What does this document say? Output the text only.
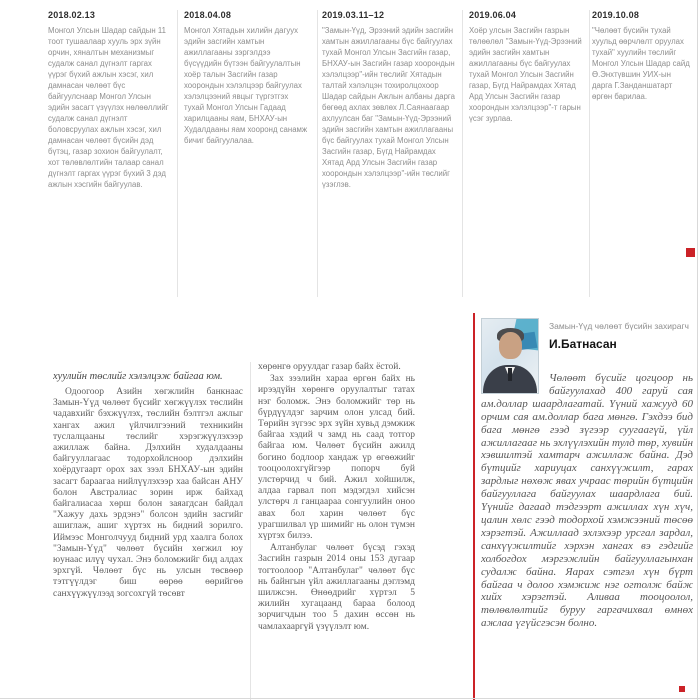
2018.02.13
Монгол Улсын Шадар сайдын 11 тоот тушаалаар хууль эрх зүйн орчин, хяналтын механизмыг судалж санал дүгнэлт гаргах үүрэг бүхий ажлын хэсэг, хил дамнасан чөлөөт бүс байгуулснаар Монгол Улсын эдийн засагт үзүүлэх нөлөөллийг судалж санал дүгнэлт боловсруулах ажлын хэсэг, хил дамнасан чөлөөт бүсийн дэд бүтэц, газар зохион байгуулалт, хот төлөвлөлтийн талаар санал дүгнэлт гаргах үүрэг бүхий 3 дэд ажлын хэсгийн байгуулав.
2018.04.08
Монгол Хятадын хилийн дагуух эдийн засгийн хамтын ажиллагааны зэргэлдээ бүсүүдийн бүтээн байгуулалтын хоёр талын Засгийн газар хоорондын хэлэлцээр байгуулах хэлэлцээний явцыг түргэтгэх тухай Монгол Улсын Гадаад харилцааны яам, БНХАУ-ын Худалдааны яам хооронд санамж бичиг байгуулалаа.
2019.03.11–12
"Замын-Үүд, Эрээний эдийн засгийн хамтын ажиллагааны бүс байгуулах тухай Монгол Улсын Засгийн газар, БНХАУ-ын Засгийн газар хоорондын хэлэлцээр"-ийн төслийг Хятадын талтай хэлэлцэн тохиролцохоор Шадар сайдын Ажлын албаны дарга бөгөөд ахлах зөвлөх Л.Саянаагаар ахлуулсан баг "Замын-Үүд-Эрээний эдийн засгийн хамтын ажиллагааны бүс байгуулах тухай Монгол Улсын Засгийн газар, Бүгд Найрамдах Хятад Ард Улсын Засгийн газар хоорондын хэлэлцээр"-ийн төслийг үзэглэв.
2019.06.04
Хоёр улсын Засгийн газрын төлөөлөл "Замын-Үүд-Эрээний эдийн засгийн хамтын ажиллагааны бүс байгуулах тухай Монгол Улсын Засгийн газар, Бүгд Найрамдах Хятад Ард Улсын Засгийн газар хоорондын хэлэлцээр"-т гарын үсэг зурлаа.
2019.10.08
"Чөлөөт бүсийн тухай хуульд өөрчлөлт оруулах тухай" хуулийн төслийг Монгол Улсын Шадар сайд Ө.Энхтүвшин УИХ-ын дарга Г.Занданшатарт өргөн барилаа.

хуулийн төслийг хэлэлцэж байгаа юм.

Одоогоор Азийн хөгжлийн банкнаас Замын-Үүд чөлөөт бүсийг хөгжүүлэх төслийн чадавхийг бэхжүүлэх, төслийн бэлтгэл ажлыг хангах ажил үйлчилгээний техникийн туслалцааны төслийг хэрэгжүүлэхээр ажиллаж байна. Дэлхийн худалдааны байгууллагаас тодорхойлсноор дэлхийн хоёрдугаарт орох зах зээл БНХАУ-ын эдийн засагт бараагаа нийлүүлэхээр хаа байсан АНУ болон Австралиас зорин ирж байхад байгалиасаа хөрш болон заяагдсан байдал "Хажуу дахь эрдэнэ" болсон эдийн засгийг ашиглаж, ашиг хүртэх нь бидний зорилго. Иймээс Монголчууд бидний урд хаалга болох "Замын-Үүд" чөлөөт бүсийн хөгжил юу юунаас илүү чухал. Энэ боломжийг бид алдах эрхгүй. Чөлөөт бүс нь улсын төсвөөр тэтгүүлдэг биш өөрөө өөрийгөө санхүүжүүлээд зогсохгүй төсөвт

хөрөнгө оруулдаг газар байх ёстой.

Зах зээлийн хараа өргөн байх нь ирээдүйн хөрөнгө оруулалтыг татах нэг боломж. Энэ боломжийг төр нь бүрдүүлдэг зарчим олон улсад бий. Төрийн зүгээс эрх зүйн хувьд дэмжиж байгаа хэдий ч замд нь саад тотгор байгаа юм. Чөлөөт бүсийн ажилд богино бодлоор хандаж үр өгөөжийг тооцоолохгүйгээр попорч буй улстөрчид ч бий. Ажил хойшилж, алдаа гарвал поп мэдэгдэл хийсэн улстөрч л ганцаараа сонгуулийн оноо авах бол харин чөлөөт бүс урагшилвал үр шимийг нь олон түмэн хүртэх билээ.

Алтанбулаг чөлөөт бүсэд гэхэд Засгийн газрын 2014 оны 153 дугаар тогтоолоор "Алтанбулаг" чөлөөт бүс нь байнгын үйл ажиллагааны дэглэмд шилжсэн. Өнөөдрийг хүртэл 5 жилийн хугацаанд бараа болоод зорчигчдын тоо 5 дахин өссөн нь чамлахааргүй үзүүлэлт юм.

Замын-Үүд чөлөөт бүсийн захирагч
И.Батнасан
Чөлөөт бүсийг цогцоор нь байгуулахад 400 гаруй сая ам.доллар шаардлагатай. Үүний хажууд 60 орчим сая ам.доллар бага мөнгө. Гэхдээ бид бага мөнгө гээд зүгээр суугаагүй, үйл ажиллагааг нь эхлүүлэхийн тулд төр, хувийн хэвшилтэй хамтарч ажиллаж байна. Дэд бүтцийг хариуцах санхүүжилт, гарах зардлыг нөхөж явах учраас төрийн бүтцийн байгууллага байгуулах шаардлага бий. Үүнийг дагаад тэдгээрт ажиллах хүн хүч, цалин хөлс гээд тодорхой хэмжээний төсөө хэрэгтэй. Ажиллаад эхлэхээр урсгал зардал, санхүүжилтийг хэрхэн хангах вэ гэдгийг холбогдох мэргэжлийн байгууллагынхан судалж байна. Яарах сэтгэл хүн бүрт байгаа ч долоо хэмжиж нэг огтолж байж хийх хэрэгтэй. Аливаа тооцоолол, төлөвлөлтийг буруу гаргачихвал өмнөх ажлаа үгүйсгэсэн болно.
